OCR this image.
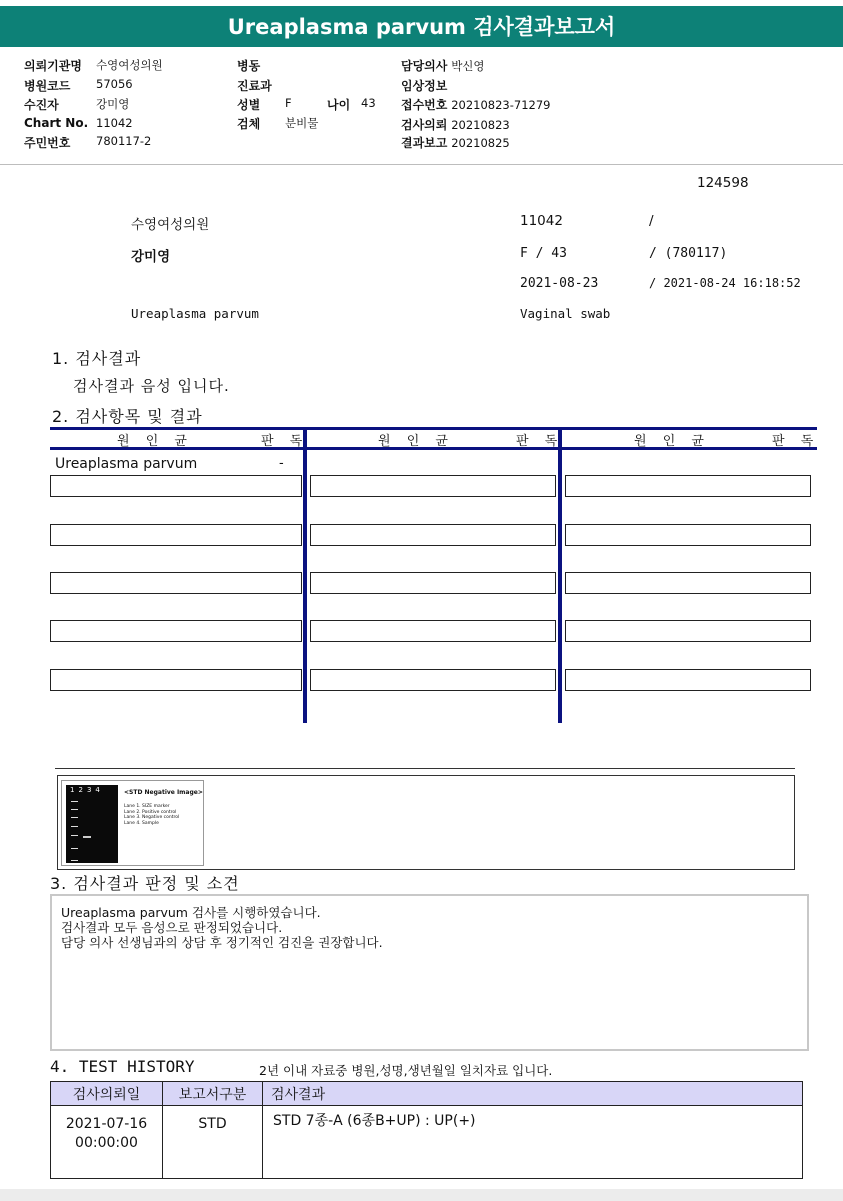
Ureaplasma parvum 검사결과보고서
의뢰기관명 수영여성의원
병원코드 57056
수진자	강미영
Chart No. 11042
주민번호 780117-2
병동
진료과
성별 F	나이 43
검체 분비물
담당의사 박신영
임상정보
접수번호 20210823-71279
검사의뢰 20210823
결과보고 20210825
124598
수영여성의원	11042	/
강미영	F / 43	/ (780117)
2021-08-23	/ 2021-08-24 16:18:52
Ureaplasma parvum	Vaginal swab
1. 검사결과
검사결과 음성 입니다.
2. 검사항목 및 결과
원 인 균	판 독	원 인 균	판 독	원 인 균	판 독
Ureaplasma parvum	-
1234	<STD Negative Image>
Lane 1. SIZE marker
Lane 2. Positive control
Lane 3. Negative control
Lane 4. Sample
3. 검사결과 판정 및 소견
Ureaplasma parvum 검사를 시행하였습니다.
검사결과 모두 음성으로 판정되었습니다.
담당 의사 선생님과의 상담 후 정기적인 검진을 권장합니다.
4. TEST HISTORY	2년 이내 자료중 병원,성명,생년월일 일치자료 입니다.
검사의뢰일	보고서구분	검사결과

2021-07-16
00:00:00	STD	STD 7종-A (6종B+UP) : UP(+)
